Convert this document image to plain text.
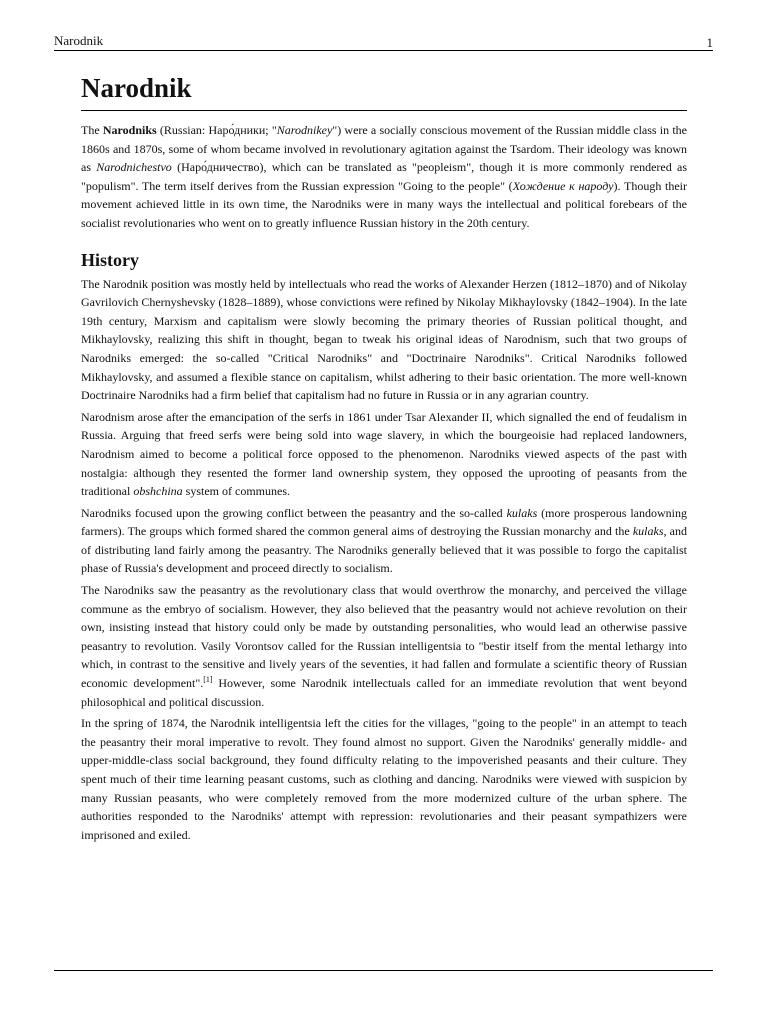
Narodnik	1
Narodnik

The Narodniks (Russian: Наро́дники; "Narodnikey") were a socially conscious movement of the Russian middle class in the 1860s and 1870s, some of whom became involved in revolutionary agitation against the Tsardom. Their ideology was known as Narodnichestvo (Наро́дничество), which can be translated as "peopleism", though it is more commonly rendered as "populism". The term itself derives from the Russian expression "Going to the people" (Хождение к народу). Though their movement achieved little in its own time, the Narodniks were in many ways the intellectual and political forebears of the socialist revolutionaries who went on to greatly influence Russian history in the 20th century.

History

The Narodnik position was mostly held by intellectuals who read the works of Alexander Herzen (1812–1870) and of Nikolay Gavrilovich Chernyshevsky (1828–1889), whose convictions were refined by Nikolay Mikhaylovsky (1842–1904). In the late 19th century, Marxism and capitalism were slowly becoming the primary theories of Russian political thought, and Mikhaylovsky, realizing this shift in thought, began to tweak his original ideas of Narodnism, such that two groups of Narodniks emerged: the so-called "Critical Narodniks" and "Doctrinaire Narodniks". Critical Narodniks followed Mikhaylovsky, and assumed a flexible stance on capitalism, whilst adhering to their basic orientation. The more well-known Doctrinaire Narodniks had a firm belief that capitalism had no future in Russia or in any agrarian country.

Narodnism arose after the emancipation of the serfs in 1861 under Tsar Alexander II, which signalled the end of feudalism in Russia. Arguing that freed serfs were being sold into wage slavery, in which the bourgeoisie had replaced landowners, Narodnism aimed to become a political force opposed to the phenomenon. Narodniks viewed aspects of the past with nostalgia: although they resented the former land ownership system, they opposed the uprooting of peasants from the traditional obshchina system of communes.

Narodniks focused upon the growing conflict between the peasantry and the so-called kulaks (more prosperous landowning farmers). The groups which formed shared the common general aims of destroying the Russian monarchy and the kulaks, and of distributing land fairly among the peasantry. The Narodniks generally believed that it was possible to forgo the capitalist phase of Russia's development and proceed directly to socialism.

The Narodniks saw the peasantry as the revolutionary class that would overthrow the monarchy, and perceived the village commune as the embryo of socialism. However, they also believed that the peasantry would not achieve revolution on their own, insisting instead that history could only be made by outstanding personalities, who would lead an otherwise passive peasantry to revolution. Vasily Vorontsov called for the Russian intelligentsia to "bestir itself from the mental lethargy into which, in contrast to the sensitive and lively years of the seventies, it had fallen and formulate a scientific theory of Russian economic development".[1] However, some Narodnik intellectuals called for an immediate revolution that went beyond philosophical and political discussion.

In the spring of 1874, the Narodnik intelligentsia left the cities for the villages, "going to the people" in an attempt to teach the peasantry their moral imperative to revolt. They found almost no support. Given the Narodniks' generally middle- and upper-middle-class social background, they found difficulty relating to the impoverished peasants and their culture. They spent much of their time learning peasant customs, such as clothing and dancing. Narodniks were viewed with suspicion by many Russian peasants, who were completely removed from the more modernized culture of the urban sphere. The authorities responded to the Narodniks' attempt with repression: revolutionaries and their peasant sympathizers were imprisoned and exiled.
